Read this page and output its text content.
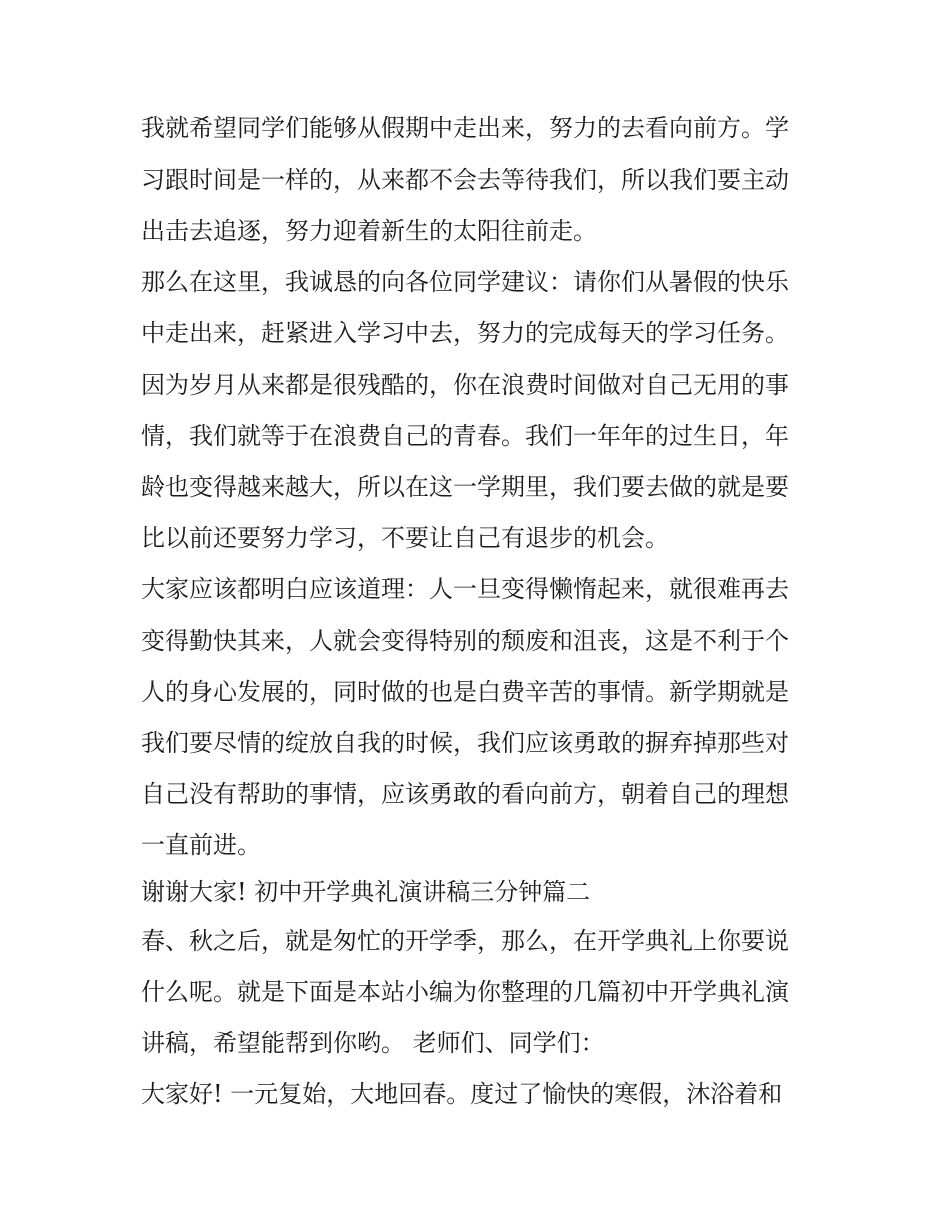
我就希望同学们能够从假期中走出来，努力的去看向前方。学

习跟时间是一样的，从来都不会去等待我们，所以我们要主动

出击去追逐，努力迎着新生的太阳往前走。

那么在这里，我诚恳的向各位同学建议：请你们从暑假的快乐

中走出来，赶紧进入学习中去，努力的完成每天的学习任务。

因为岁月从来都是很残酷的，你在浪费时间做对自己无用的事

情，我们就等于在浪费自己的青春。我们一年年的过生日，年

龄也变得越来越大，所以在这一学期里，我们要去做的就是要

比以前还要努力学习，不要让自己有退步的机会。

大家应该都明白应该道理：人一旦变得懒惰起来，就很难再去

变得勤快其来，人就会变得特别的颓废和沮丧，这是不利于个

人的身心发展的，同时做的也是白费辛苦的事情。新学期就是

我们要尽情的绽放自我的时候，我们应该勇敢的摒弃掉那些对

自己没有帮助的事情，应该勇敢的看向前方，朝着自己的理想

一直前进。

谢谢大家! 初中开学典礼演讲稿三分钟篇二

春、秋之后，就是匆忙的开学季，那么，在开学典礼上你要说

什么呢。就是下面是本站小编为你整理的几篇初中开学典礼演

讲稿，希望能帮到你哟。 老师们、同学们：

大家好! 一元复始，大地回春。度过了愉快的寒假，沐浴着和
